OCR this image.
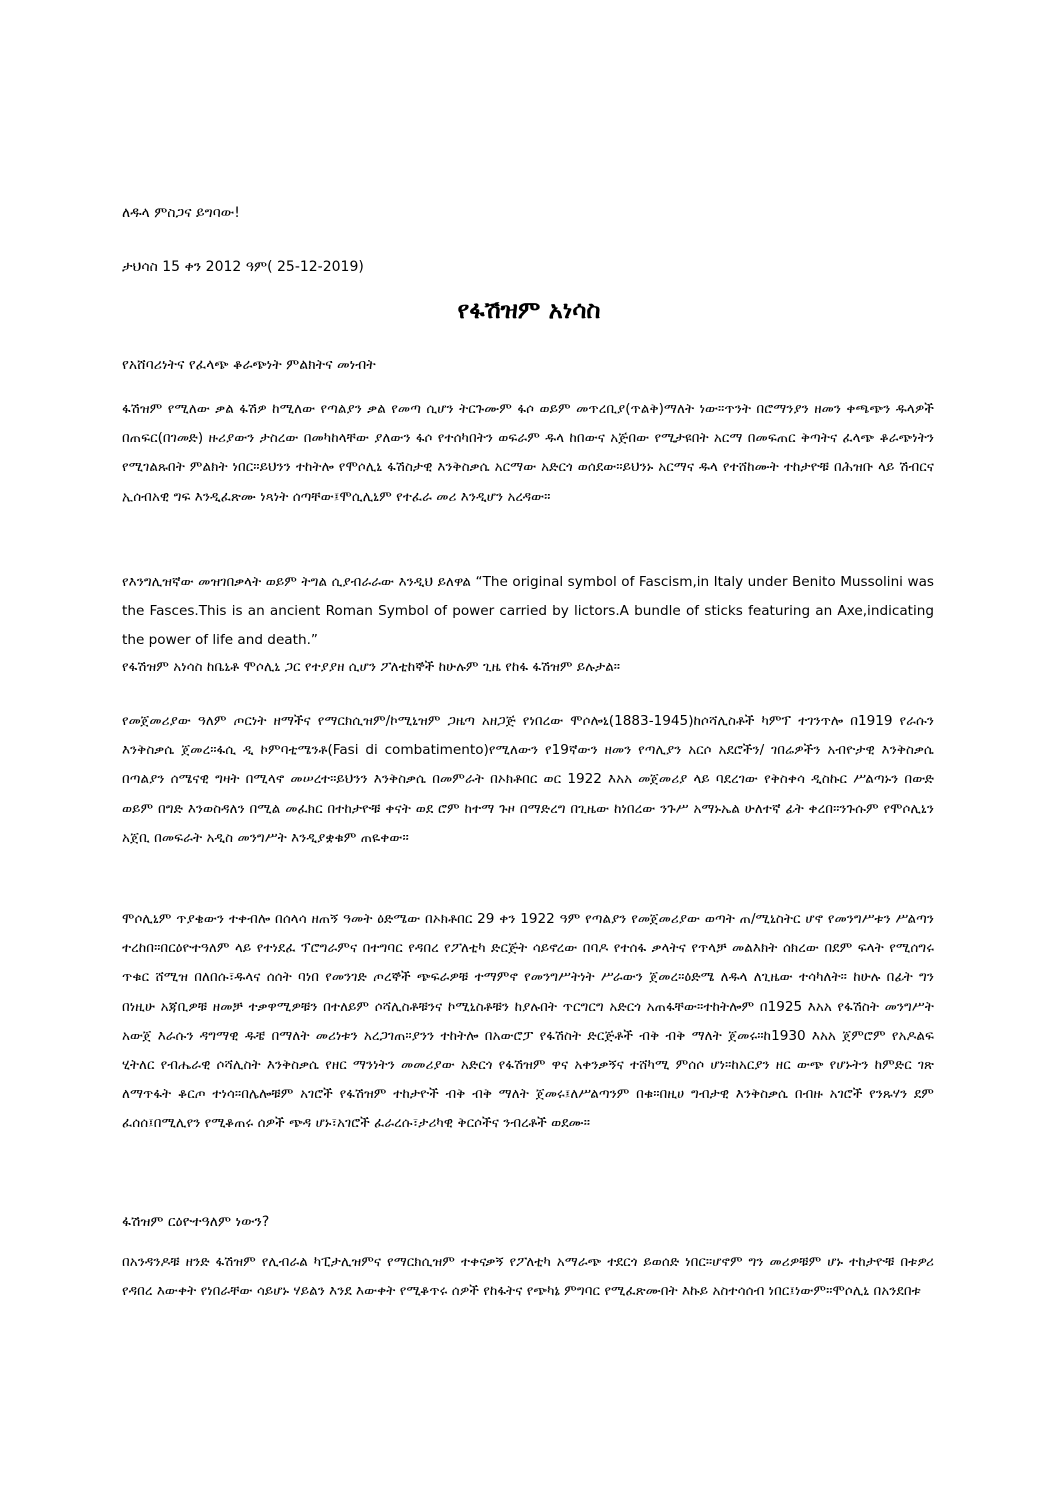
ለዱላ ምስጋና ይግባው!
ታህሳስ 15 ቀን 2012 ዓም( 25-12-2019)
የፋሽዝም አነሳስ
የአሸባሪነትና የፈላጭ ቆራጭነት ምልክትና መነብት

ፋሽዝም የሚለው ቃል ፋሽዎ ከሚለው የጣልያን ቃል የመጣ ሲሆን ትርጉሙም ፋሶ ወይም መጥረቢያ(ጥልቅ)ማለት ነው።ጥንት በሮማንያን ዘመን ቀጫጭን ዱላዎች በጠፍር(በገመድ) ዙሪያውን ታስረው በመካከላቸው ያለውን ፋሶ የተሰካበትን ወፍራም ዱላ ከበውና አጅበው የሚታዩበት አርማ በመፍጠር ቅጣትና ፈላጭ ቆራጭነትን የሚገልጹበት ምልክት ነበር።ይህንን ተከትሎ የሞሶሊኒ ፋሽስታዊ እንቅስቃሴ አርማው አድርጎ ወሰደው።ይህንኑ አርማና ዱላ የተሸከሙት ተከታዮቹ በሕዝቡ ላይ ሽብርና ኢሰብአዊ ግፍ እንዲፈጽሙ ነጻነት ሰጣቸው፤ሞሲሊኒም የተፈራ መሪ እንዲሆን አረዳው።

የእንግሊዝኛው መዝገበቃላት ወይም ትግል ሲያብራራው እንዲህ ይለዋል “The original symbol of Fascism,in Italy under Benito Mussolini was the Fasces.This is an ancient Roman Symbol of power carried by lictors.A bundle of sticks featuring an Axe,indicating the power of life and death.”

የፋሽዝም አነሳስ ከቤኒቶ ሞሶሊኒ ጋር የተያያዘ ሲሆን ፖለቲከኞች ከሁሉም ጊዜ የከፋ ፋሽዝም ይሉታል።

የመጀመሪያው ዓለም ጦርነት ዘማችና የማርክሲዝም/ኮሚኒዝም ጋዜጣ አዘጋጅ የነበረው ሞሶሎኒ(1883-1945)ከሶሻሊስቶች ካምፕ ተገንጥሎ በ1919 የራሱን እንቅስቃሴ ጀመረ።ፋሲ ዲ ኮምባቲሜንቶ(Fasi di combatimento)የሚለውን የ19ኛውን ዘመን የጣሊያን አርሶ አደሮችን/ ገበሬዎችን አብዮታዊ እንቅስቃሴ በጣልያን ሰሜናዊ ግዛት በሚላኖ መሠረተ።ይህንን እንቅስቃሴ በመምራት በኦክቶበር ወር 1922 እአአ መጀመሪያ ላይ ባደረገው የቅስቀሳ ዲስኩር ሥልጣኑን በውድ ወይም በግድ እንወስዳለን በሚል መፈክር በተከታዮቹ ቀናት ወደ ሮም ከተማ ጉዞ በማድረግ በጊዜው ከነበረው ንጉሥ አማኑኤል ሁለተኛ ፊት ቀረበ።ንጉሱም የሞሶሊኒን አጀቢ በመፍራት አዲስ መንግሥት እንዲያቋቁም ጠዬቀው።

ሞሶሊኒም ጥያቄውን ተቀብሎ በሰላሳ ዘጠኝ ዓመት ዕድሜው በኦክቶበር 29 ቀን 1922 ዓም የጣልያን የመጀመሪያው ወጣት ጠ/ሚኒስትር ሆኖ የመንግሥቱን ሥልጣን ተረከበ።በርዕዮተዓለም ላይ የተነደፈ ፕሮግራምና በተግባር የዳበረ የፖለቲካ ድርጅት ሳይኖረው በባዶ የተሰፋ ቃላትና የጥላቻ መልእክት ሰክረው በደም ፍላት የሚሰግሩ ጥቁር ሸሚዝ በለበሱ፣ዱላና ሰሰት ባነበ የመንገድ ጦረኞች ጭፍራዎቹ ተማምኖ የመንግሥትነት ሥራውን ጀመረ።ዕድሜ ለዱላ ለጊዜው ተሳካለት። ከሁሉ በፊት ግን በነዚሁ አጃቢዎቹ ዘመቻ ተቃዋሚዎቹን በተለይም ሶሻሊስቶቹንና ኮሚኒስቶቹን ከያሉበት ጥርግርግ አድርጎ አጠፋቸው።ተከትሎም በ1925 እአአ የፋሽስት መንግሥት አውጀ እራሱን ዳግማዊ ዱቼ በማለት መሪነቱን አረጋገጠ።ያንን ተከትሎ በአውሮፓ የፋሽስት ድርጅቶች ብቅ ብቅ ማለት ጀመሩ።ከ1930 እአአ ጀምሮም የአዶልፍ ሂትለር የብሔራዊ ሶሻሊስት እንቅስቃሴ የዘር ማንነትን መመሪያው አድርጎ የፋሽዝም ዋና አቀንቃኝና ተሸካሚ ምሰሶ ሆነ።ከአርያን ዘር ውጭ የሆኑትን ከምድር ገጽ ለማጥፋት ቆርጦ ተነሳ።በሌሎቹም አገሮች የፋሽዝም ተከታዮች ብቅ ብቅ ማለት ጀመሩ፤ለሥልጣንም በቁ።በዚሀ ግብታዊ እንቅስቃሴ በብዙ አገሮች የንጹሃን ደም ፈሰሰ፤በሚሊየን የሚቆጠሩ ሰዎች ጭዳ ሆኑ፣አገሮች ፈራረሱ፣ታሪካዊ ቅርሶችና ንብረቶች ወደሙ።

ፋሽዝም ርዕዮተዓለም ነውን?

በአንዳንዶቹ ዘንድ ፋሽዝም የሊብራል ካፒታሊዝምና የማርክሲዝም ተቀናቃኝ የፖለቲካ አማራጭ ተደርጎ ይወሰድ ነበር።ሆኖም ግን መሪዎቹም ሆኑ ተከታዮቹ በቱዎሪ የዳበረ እውቀት የነበራቸው ሳይሆኑ ሃይልን እንደ እውቀት የሚቆጥሩ ሰዎች የከፋትና የጭካኔ ምግባር የሚፈጽሙበት እኩይ አስተሳሰብ ነበር፤ነውም።ሞሶሊኒ በአንደበቱ
